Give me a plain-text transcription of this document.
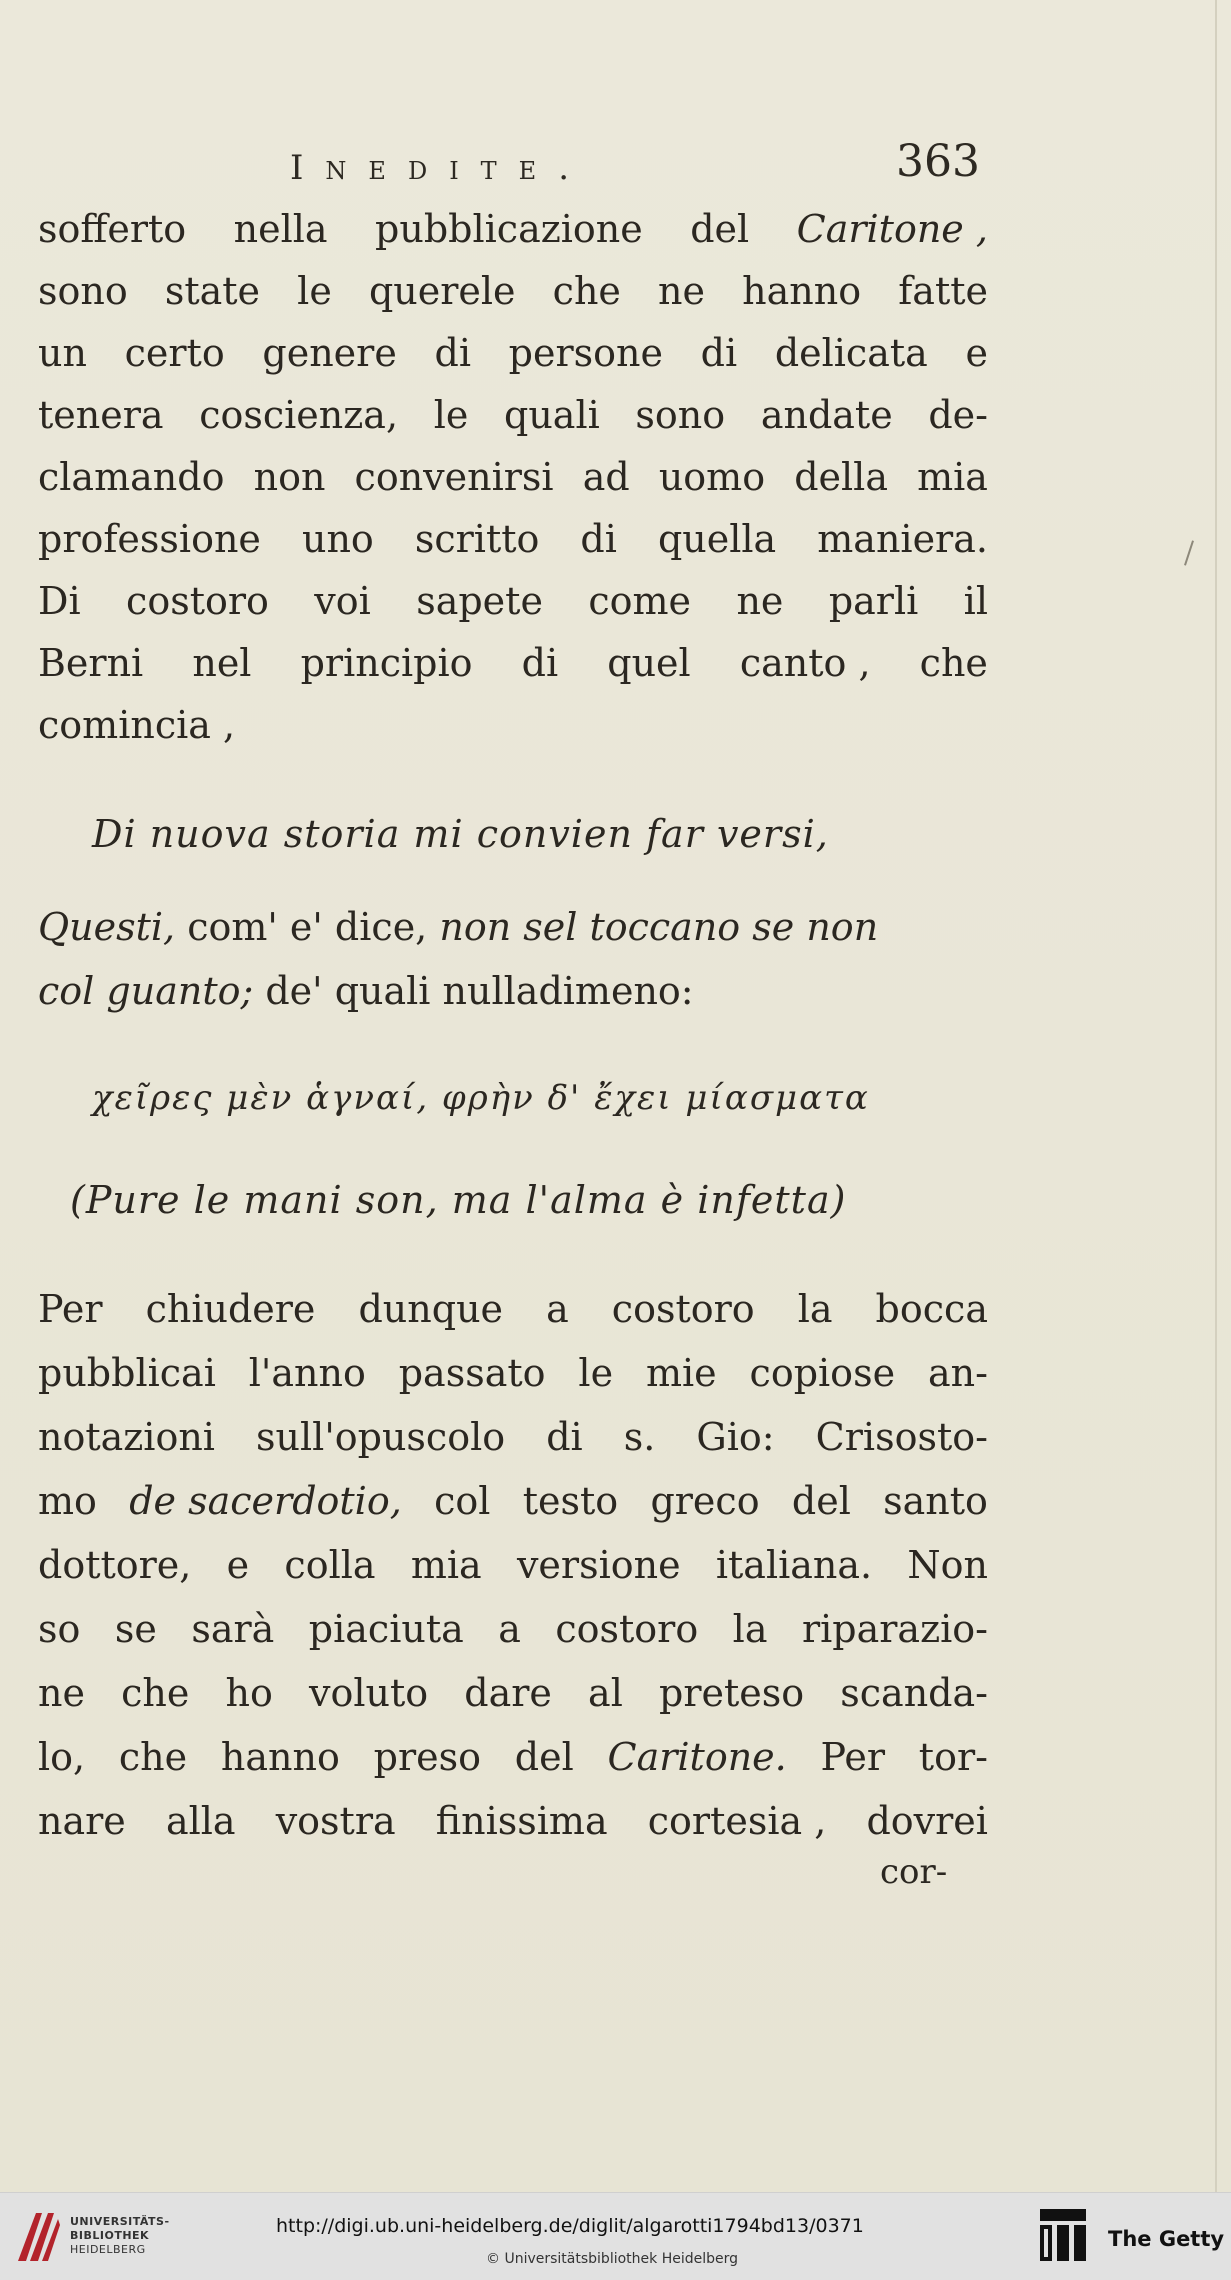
Inedite.	363
sofferto nella pubblicazione del Caritone ,
sono state le querele che ne hanno fatte
un certo genere di persone di delicata e
tenera coscienza, le quali sono andate de-
clamando non convenirsi ad uomo della mia
professione uno scritto di quella maniera.
Di costoro voi sapete come ne parli il
Berni nel principio di quel canto , che
comincia ,
Di nuova storia mi convien far versi,
Questi, com' e' dice, non sel toccano se non
col guanto; de' quali nulladimeno:
χεῖρες μὲν ἁγναί, φρὴν δ' ἔχει μίασματα
(Pure le mani son, ma l'alma è infetta)
Per chiudere dunque a costoro la bocca
pubblicai l'anno passato le mie copiose an-
notazioni sull'opuscolo di s. Gio: Crisosto-
mo de sacerdotio, col testo greco del santo
dottore, e colla mia versione italiana. Non
so se sarà piaciuta a costoro la riparazio-
ne che ho voluto dare al preteso scanda-
lo, che hanno preso del Caritone. Per tor-
nare alla vostra finissima cortesia , dovrei
cor-
UNIVERSITÄTS-
BIBLIOTHEK
HEIDELBERG
http://digi.ub.uni-heidelberg.de/diglit/algarotti1794bd13/0371
© Universitätsbibliothek Heidelberg
The Getty
